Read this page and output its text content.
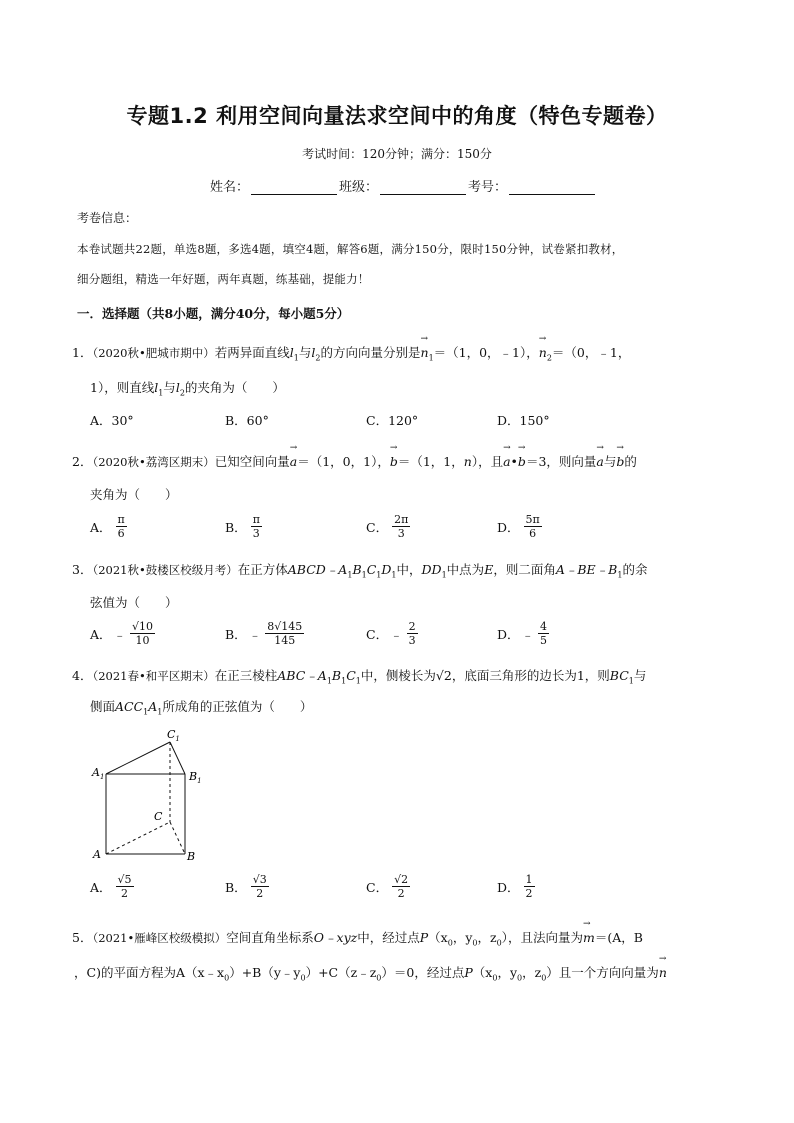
专题1.2 利用空间向量法求空间中的角度（特色专题卷）
考试时间：120分钟；满分：150分
姓名：	班级：	考号：
考卷信息：
本卷试题共22题，单选8题，多选4题，填空4题，解答6题，满分150分，限时150分钟，试卷紧扣教材，
细分题组，精选一年好题，两年真题，练基础，提能力！
一．选择题（共8小题，满分40分，每小题5分）
1．（2020秋•肥城市期中）若两异面直线$l_1$与$l_2$的方向向量分别是→ $n_1=(1$，0，﹣1），→ $n_2=(0$，﹣1，
1），则直线$l_1$与$l_2$的夹角为（　　）
A．30°	B．60°	C．120°	D．150°
2．（2020秋•荔湾区期末）已知空间向量→ a＝（1，0，1），→ b＝（1，1，n），且→ a•→ b＝3，则向量→ a与→ b的
夹角为（　　）
A． $\frac{\pi}{6}$	B． $\frac{\pi}{3}$	C． $\frac{2\pi}{3}$	D． $\frac{5\pi}{6}$
3．（2021秋•鼓楼区校级月考）在正方体$ABCD﹣A_1B_1C_1D_1$中，$DD_1$中点为E，则二面角$A﹣BE﹣B_1$的余
弦值为（　　）
A． ﹣ $\frac{√10}{10}$	B． ﹣ $\frac{8√145}{145}$	C． ﹣ $\frac{2}{3}$	D． ﹣ $\frac{4}{5}$
4．（2021春•和平区期末）在正三棱柱$ABC﹣A_1B_1C_1$中，侧棱长为√2，底面三角形的边长为1，则$BC_1$与
侧面$ACC_1A_1$所成角的正弦值为（　　）
$C_1$
$A_1$	$B_1$
C
A	B
A． $\frac{√5}{2}$	B． $\frac{√3}{2}$	C． $\frac{√2}{2}$	D． $\frac{1}{2}$
5．（2021•雁峰区校级模拟）空间直角坐标系O﹣xyz中，经过点$P(x_0$，$y_0$，$z_0$），且法向量为→ m＝(A，B
，C)的平面方程为$A(x﹣x_0)+B(y﹣y_0)+C(z﹣z_0)=0$，经过点$P(x_0$，$y_0$，$z_0$）且一个方向向量为→ n
